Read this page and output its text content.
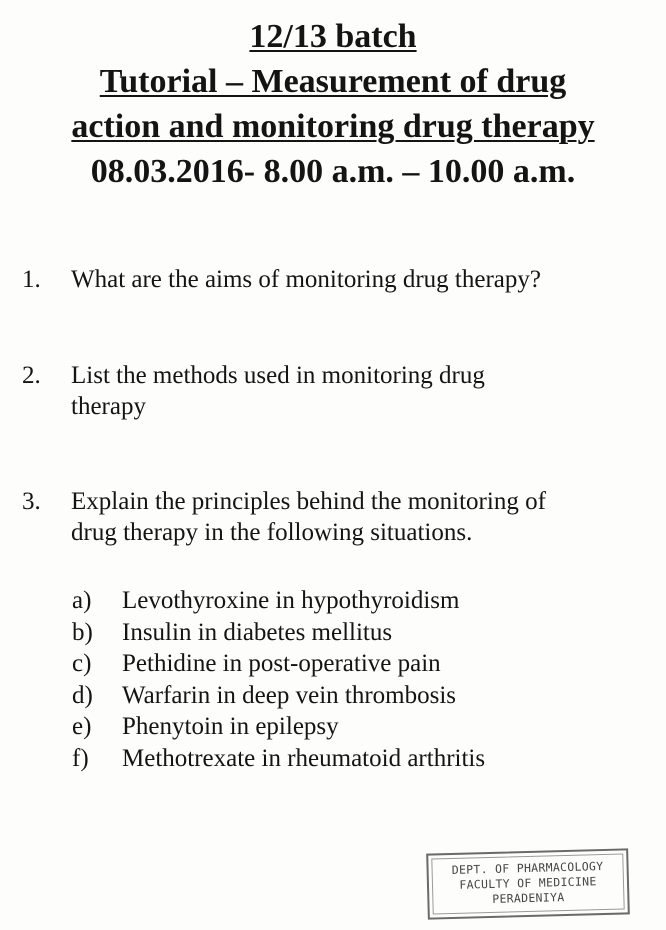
12/13 batch
Tutorial – Measurement of drug
action and monitoring drug therapy
08.03.2016- 8.00 a.m. – 10.00 a.m.
1.	What are the aims of monitoring drug therapy?
2.	List the methods used in monitoring drug
therapy
3.	Explain the principles behind the monitoring of
drug therapy in the following situations.
a)	Levothyroxine in hypothyroidism
b)	Insulin in diabetes mellitus
c)	Pethidine in post-operative pain
d)	Warfarin in deep vein thrombosis
e)	Phenytoin in epilepsy
f)	Methotrexate in rheumatoid arthritis
DEPT. OF PHARMACOLOGY
FACULTY OF MEDICINE
PERADENIYA
